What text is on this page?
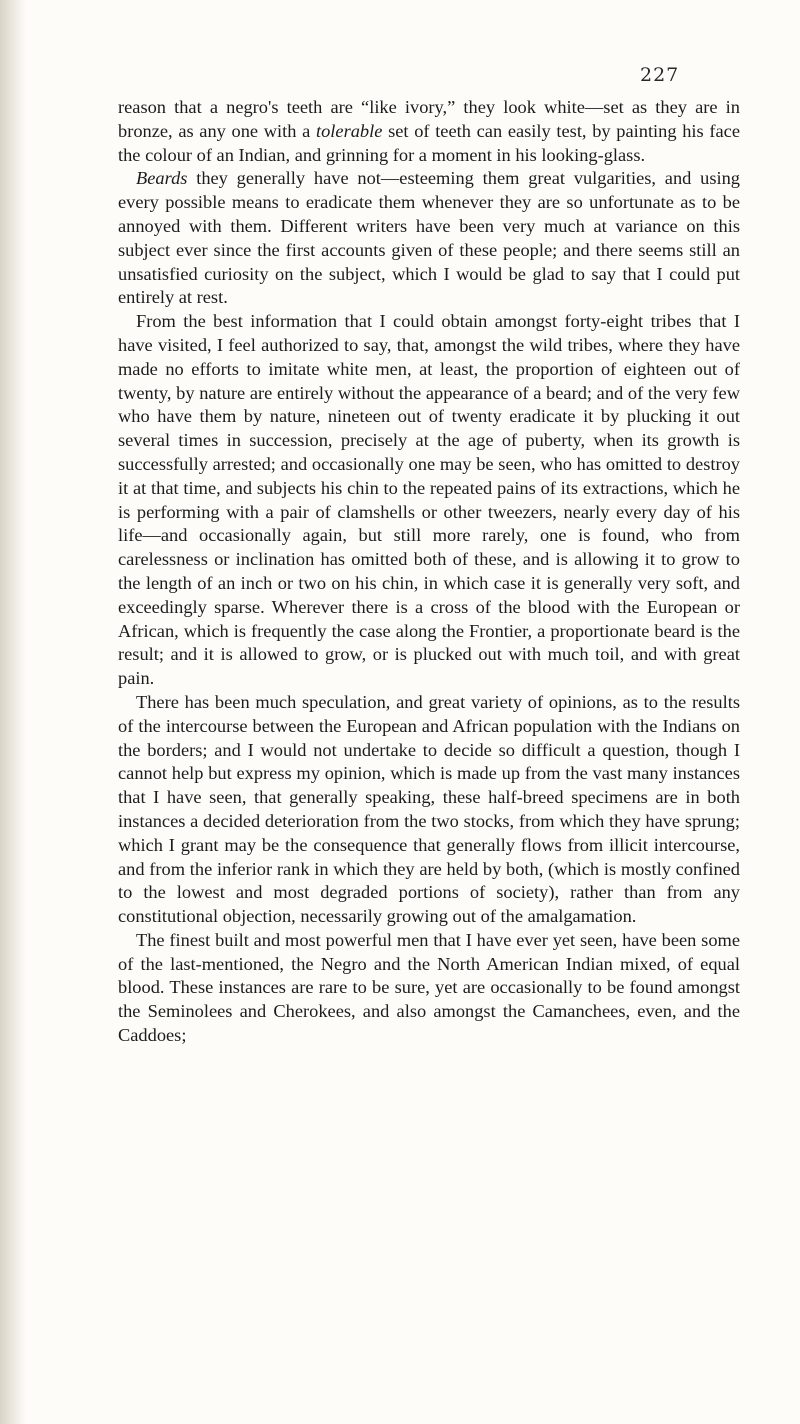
227

reason that a negro's teeth are “like ivory,” they look white—set as they are in bronze, as any one with a tolerable set of teeth can easily test, by painting his face the colour of an Indian, and grinning for a moment in his looking-glass.

Beards they generally have not—esteeming them great vulgarities, and using every possible means to eradicate them whenever they are so unfortunate as to be annoyed with them. Different writers have been very much at variance on this subject ever since the first accounts given of these people; and there seems still an unsatisfied curiosity on the subject, which I would be glad to say that I could put entirely at rest.

From the best information that I could obtain amongst forty-eight tribes that I have visited, I feel authorized to say, that, amongst the wild tribes, where they have made no efforts to imitate white men, at least, the proportion of eighteen out of twenty, by nature are entirely without the appearance of a beard; and of the very few who have them by nature, nineteen out of twenty eradicate it by plucking it out several times in succession, precisely at the age of puberty, when its growth is successfully arrested; and occasionally one may be seen, who has omitted to destroy it at that time, and subjects his chin to the repeated pains of its extractions, which he is performing with a pair of clamshells or other tweezers, nearly every day of his life—and occasionally again, but still more rarely, one is found, who from carelessness or inclination has omitted both of these, and is allowing it to grow to the length of an inch or two on his chin, in which case it is generally very soft, and exceedingly sparse. Wherever there is a cross of the blood with the European or African, which is frequently the case along the Frontier, a proportionate beard is the result; and it is allowed to grow, or is plucked out with much toil, and with great pain.

There has been much speculation, and great variety of opinions, as to the results of the intercourse between the European and African population with the Indians on the borders; and I would not undertake to decide so difficult a question, though I cannot help but express my opinion, which is made up from the vast many instances that I have seen, that generally speaking, these half-breed specimens are in both instances a decided deterioration from the two stocks, from which they have sprung; which I grant may be the consequence that generally flows from illicit intercourse, and from the inferior rank in which they are held by both, (which is mostly confined to the lowest and most degraded portions of society), rather than from any constitutional objection, necessarily growing out of the amalgamation.

The finest built and most powerful men that I have ever yet seen, have been some of the last-mentioned, the Negro and the North American Indian mixed, of equal blood. These instances are rare to be sure, yet are occasionally to be found amongst the Seminolees and Cherokees, and also amongst the Camanchees, even, and the Caddoes;
